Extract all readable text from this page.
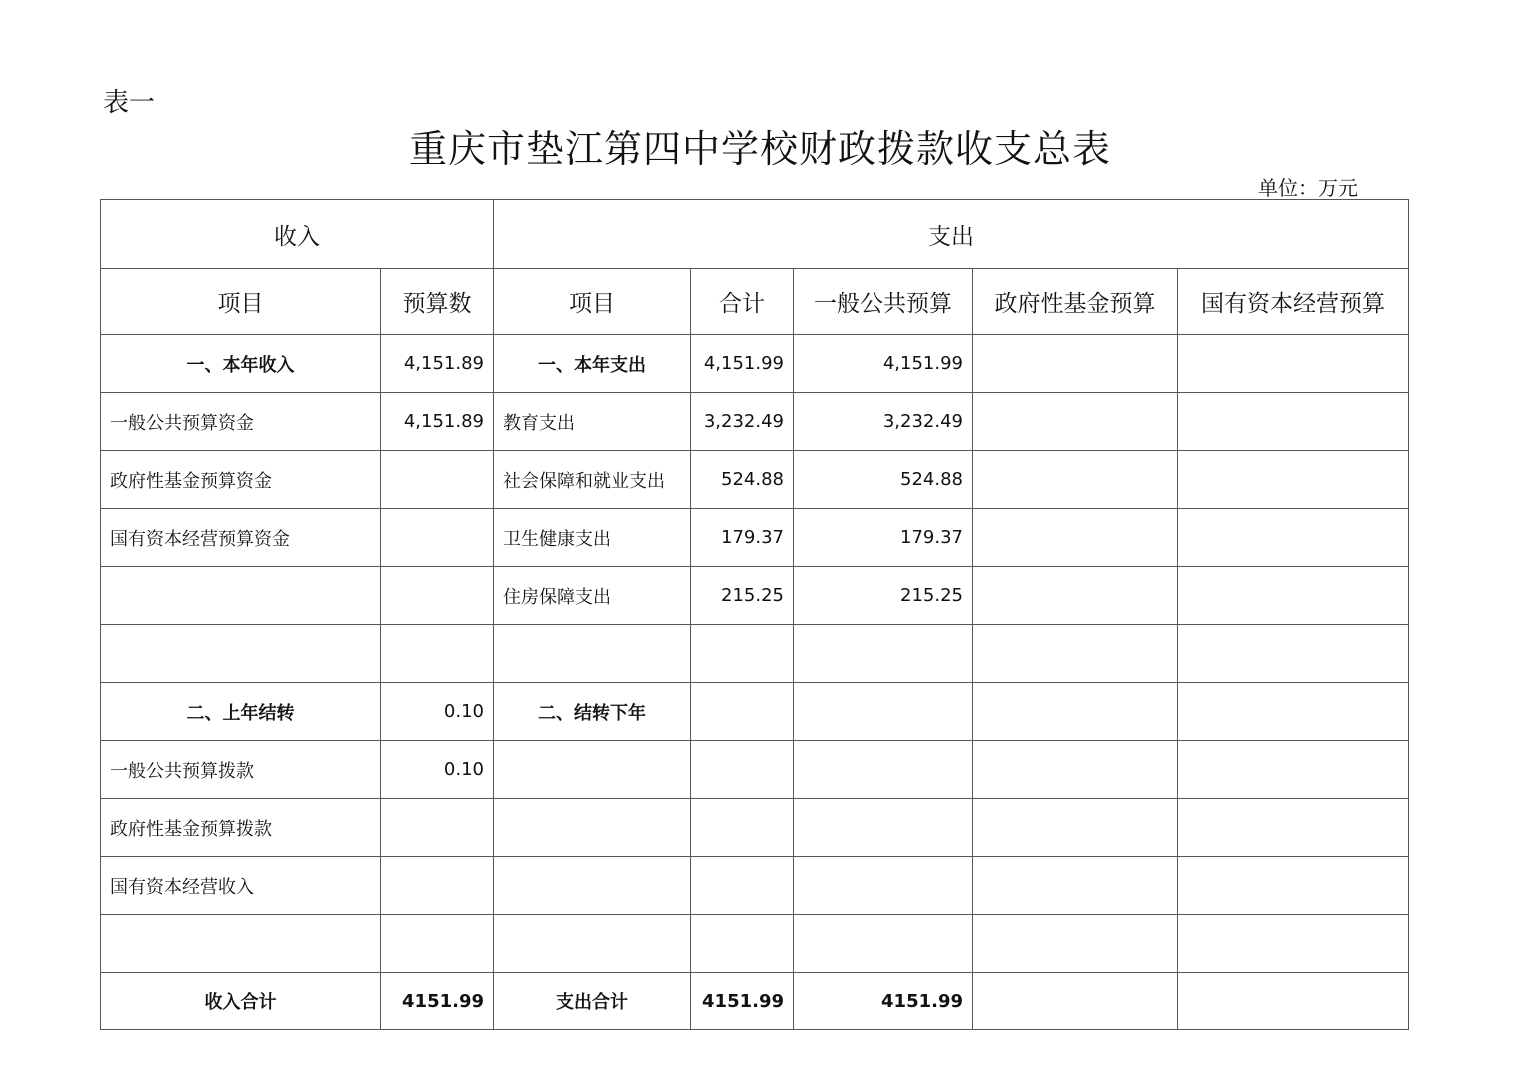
表一
重庆市垫江第四中学校财政拨款收支总表
单位：万元
收入		支出				
项目	预算数	项目	合计	一般公共预算	政府性基金预算	国有资本经营预算
一、本年收入	4,151.89	一、本年支出	4,151.99	4,151.99		
一般公共预算资金	4,151.89	教育支出	3,232.49	3,232.49		
政府性基金预算资金		社会保障和就业支出	524.88	524.88		
国有资本经营预算资金		卫生健康支出	179.37	179.37		
		住房保障支出	215.25	215.25		

二、上年结转	0.10	二、结转下年				
一般公共预算拨款	0.10					
政府性基金预算拨款						
国有资本经营收入						

收入合计	4151.99	支出合计	4151.99	4151.99		
